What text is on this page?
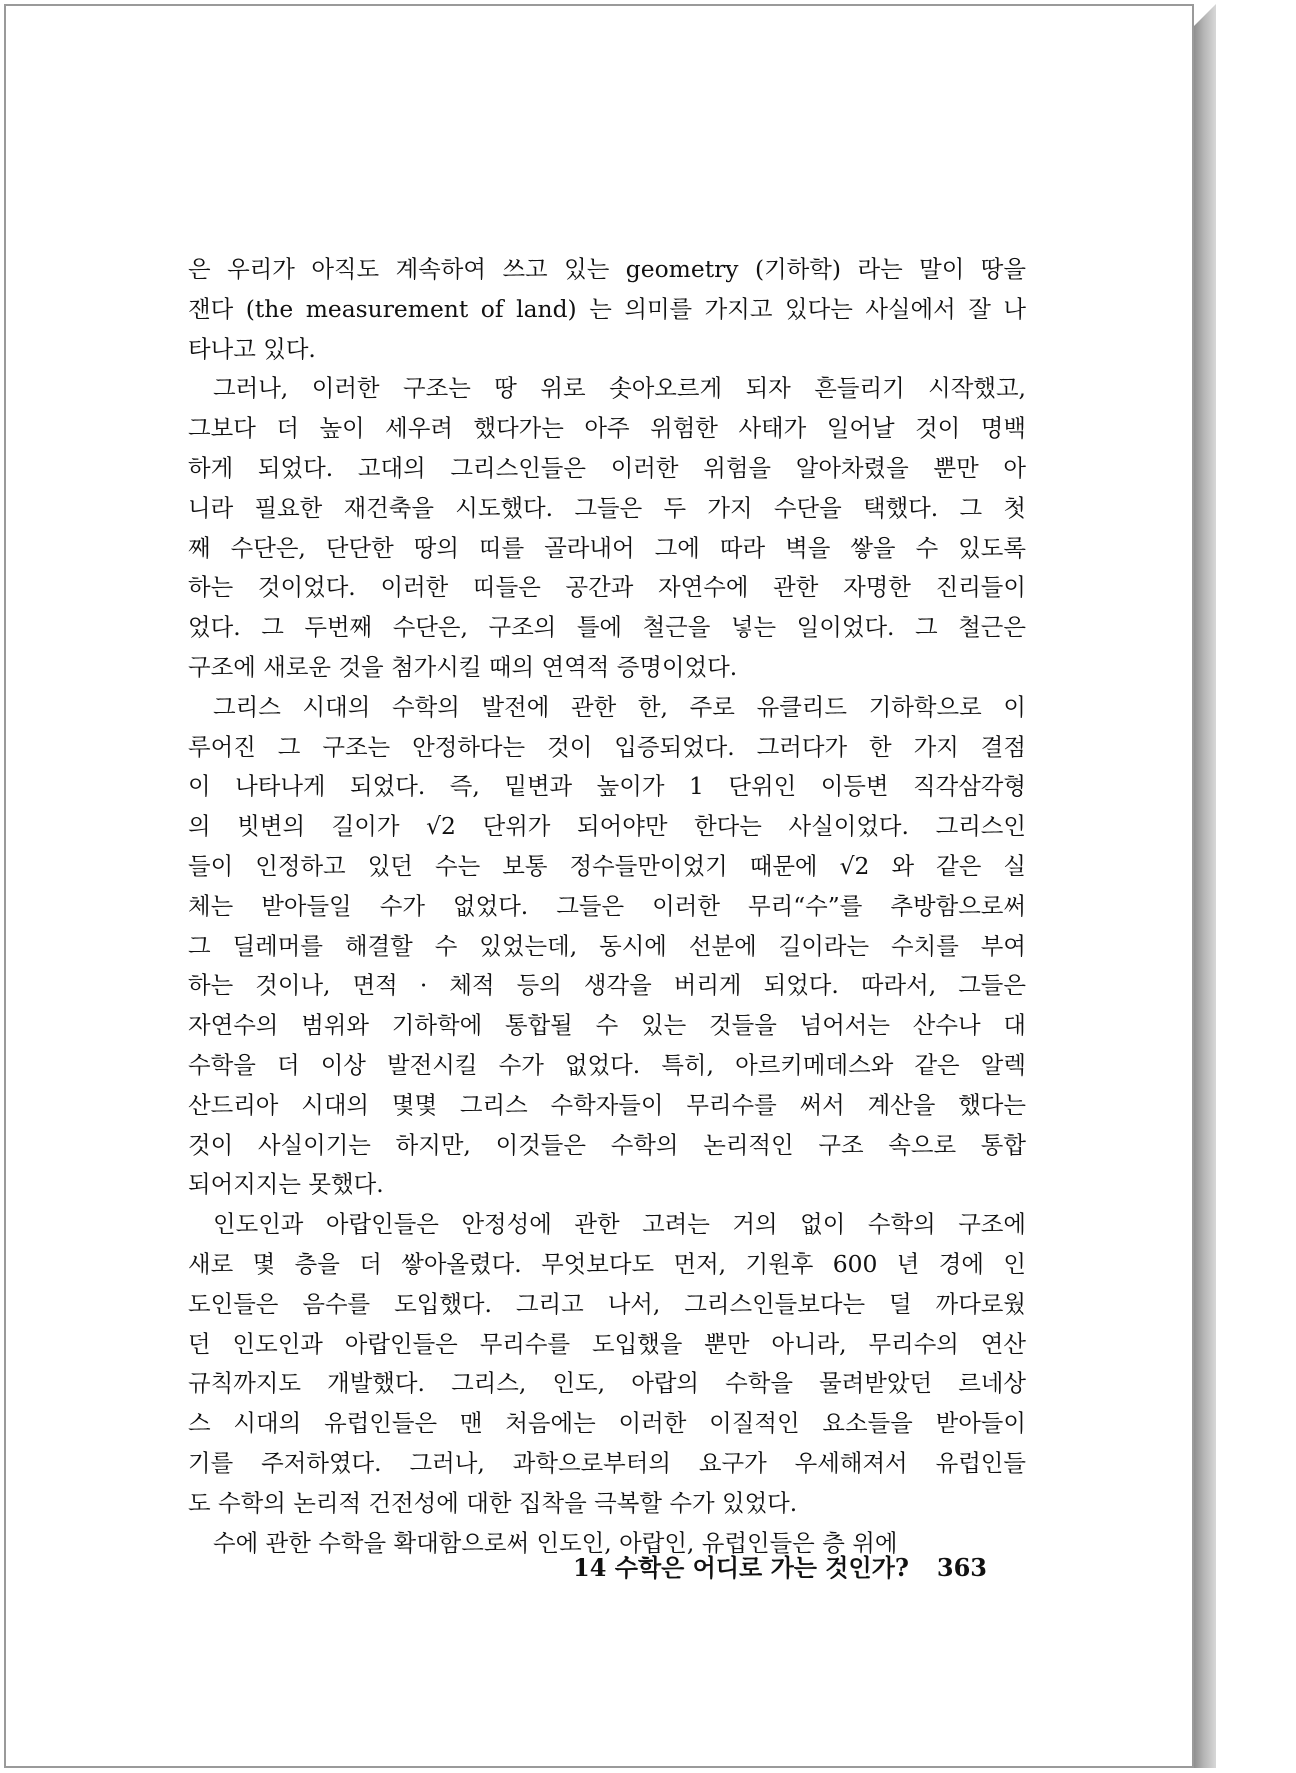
은 우리가 아직도 계속하여 쓰고 있는 geometry (기하학) 라는 말이 땅을
잰다 (the measurement of land) 는 의미를 가지고 있다는 사실에서 잘 나
타나고 있다.
그러나, 이러한 구조는 땅 위로 솟아오르게 되자 흔들리기 시작했고,
그보다 더 높이 세우려 했다가는 아주 위험한 사태가 일어날 것이 명백
하게 되었다. 고대의 그리스인들은 이러한 위험을 알아차렸을 뿐만 아
니라 필요한 재건축을 시도했다. 그들은 두 가지 수단을 택했다. 그 첫
째 수단은, 단단한 땅의 띠를 골라내어 그에 따라 벽을 쌓을 수 있도록
하는 것이었다. 이러한 띠들은 공간과 자연수에 관한 자명한 진리들이
었다. 그 두번째 수단은, 구조의 틀에 철근을 넣는 일이었다. 그 철근은
구조에 새로운 것을 첨가시킬 때의 연역적 증명이었다.
그리스 시대의 수학의 발전에 관한 한, 주로 유클리드 기하학으로 이
루어진 그 구조는 안정하다는 것이 입증되었다. 그러다가 한 가지 결점
이 나타나게 되었다. 즉, 밑변과 높이가 1 단위인 이등변 직각삼각형
의 빗변의 길이가 √2 단위가 되어야만 한다는 사실이었다. 그리스인
들이 인정하고 있던 수는 보통 정수들만이었기 때문에 √2 와 같은 실
체는 받아들일 수가 없었다. 그들은 이러한 무리“수”를 추방함으로써
그 딜레머를 해결할 수 있었는데, 동시에 선분에 길이라는 수치를 부여
하는 것이나, 면적 · 체적 등의 생각을 버리게 되었다. 따라서, 그들은
자연수의 범위와 기하학에 통합될 수 있는 것들을 넘어서는 산수나 대
수학을 더 이상 발전시킬 수가 없었다. 특히, 아르키메데스와 같은 알렉
산드리아 시대의 몇몇 그리스 수학자들이 무리수를 써서 계산을 했다는
것이 사실이기는 하지만, 이것들은 수학의 논리적인 구조 속으로 통합
되어지지는 못했다.
인도인과 아랍인들은 안정성에 관한 고려는 거의 없이 수학의 구조에
새로 몇 층을 더 쌓아올렸다. 무엇보다도 먼저, 기원후 600 년 경에 인
도인들은 음수를 도입했다. 그리고 나서, 그리스인들보다는 덜 까다로웠
던 인도인과 아랍인들은 무리수를 도입했을 뿐만 아니라, 무리수의 연산
규칙까지도 개발했다. 그리스, 인도, 아랍의 수학을 물려받았던 르네상
스 시대의 유럽인들은 맨 처음에는 이러한 이질적인 요소들을 받아들이
기를 주저하였다. 그러나, 과학으로부터의 요구가 우세해져서 유럽인들
도 수학의 논리적 건전성에 대한 집착을 극복할 수가 있었다.
수에 관한 수학을 확대함으로써 인도인, 아랍인, 유럽인들은 층 위에
14 수학은 어디로 가는 것인가? 363
